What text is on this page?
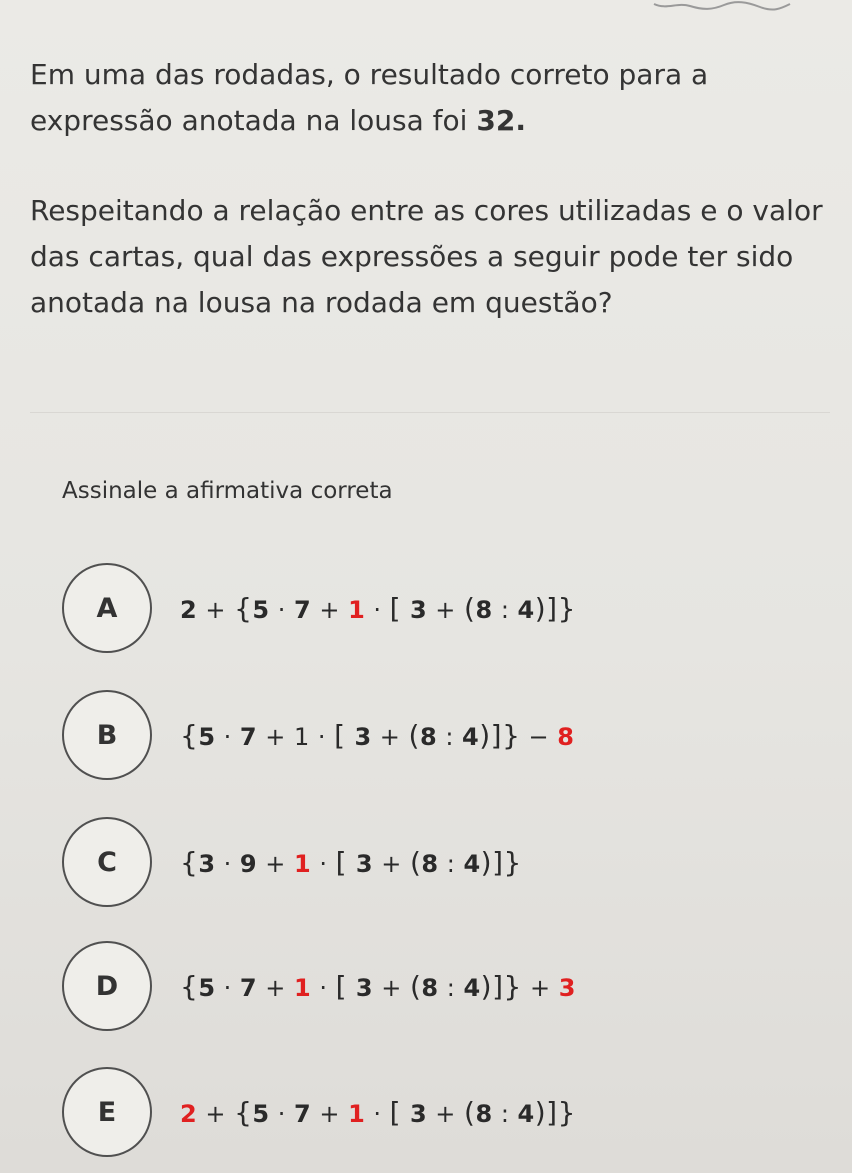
Em uma das rodadas, o resultado correto para a expressão anotada na lousa foi 32.

Respeitando a relação entre as cores utilizadas e o valor das cartas, qual das expressões a seguir pode ter sido anotada na lousa na rodada em questão?

Assinale a afirmativa correta
A	2 + {5 · 7 + 1 · [ 3 + (8 : 4)]}
B	{5 · 7 + 1 · [ 3 + (8 : 4)]} − 8
C	{3 · 9 + 1 · [ 3 + (8 : 4)]}
D	{5 · 7 + 1 · [ 3 + (8 : 4)]} + 3
E	2 + {5 · 7 + 1 · [ 3 + (8 : 4)]}
